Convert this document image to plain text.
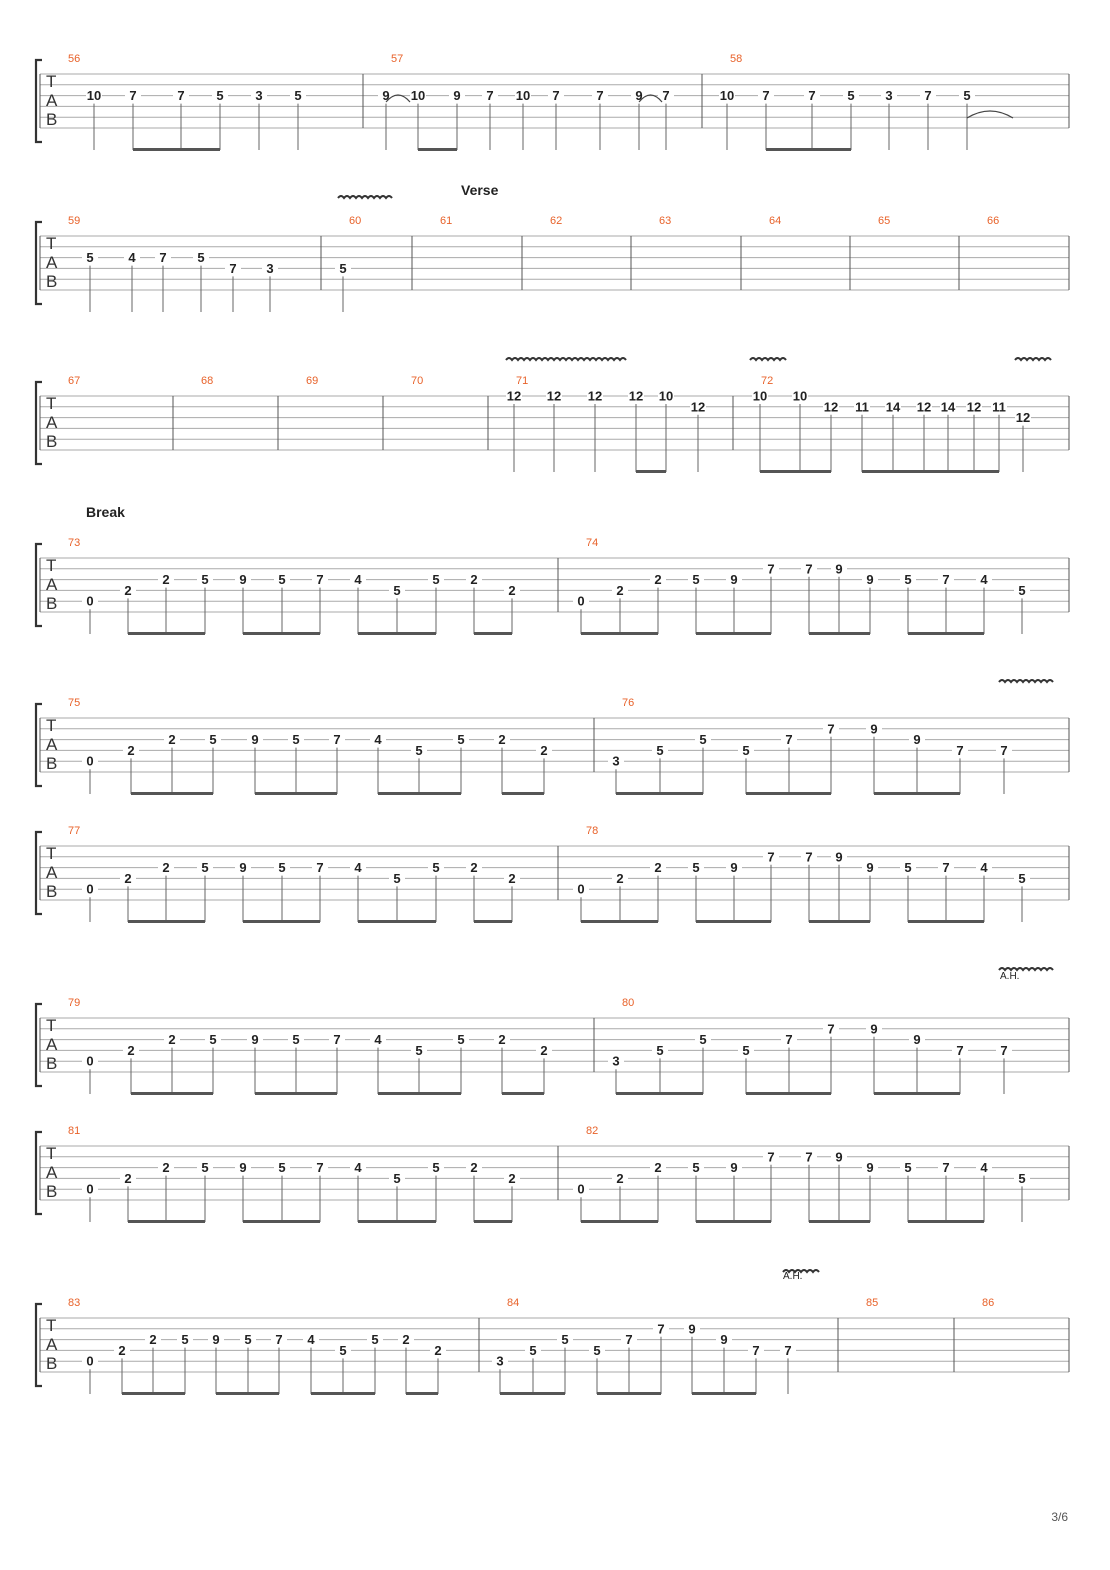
T
A
B
56
10 7	7 5 3 5
57
9 10 9 7 10 7	7 9 7
58
10 7	7 5 3 7 5
T
A
B
59
5	4 7 5
7 3
60
5
61	62	63	64	65	66
T
A
B
67	68	69	70	71
12 12 12 12 10
12
72
10 10
12 11 14 12 14 12 11
12
T
A
B
73
0
2
2 5 9 5 7 4
5
5 2
2
74
0
2
2 5 9
7 7 9
9 5 7 4
5
T
A
B
75
0
2
2	5	9	5	7	4
5
5	2
2
76
3
5
5
5
7
7	9
9
7	7
T
A
B
77
0
2
2 5 9 5 7 4
5
5 2
2
78
0
2
2 5 9
7 7 9
9 5 7 4
5
T
A
B
79
0
2
2	5	9	5	7	4
5
5	2
2
80
3
5
5
5
7
7	9
9
7	7
T
A
B
81
0
2
2 5 9 5 7 4
5
5 2
2
82
0
2
2 5 9
7 7 9
9 5 7 4
5
T
A
B
83
0
2
2 5 9 5 7 4
5
5 2
2
84
3
5
5
5
7
7 9
9
7 7
85	86
Verse
Break
A.H.
A.H.
3/6
